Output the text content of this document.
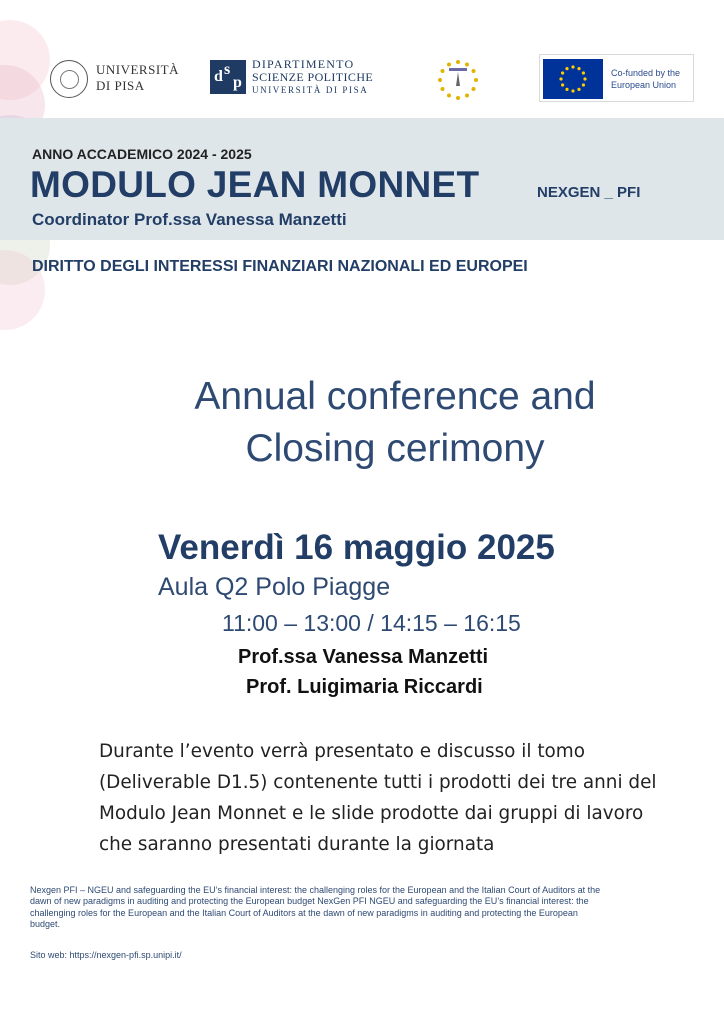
UNIVERSITÀ
DI PISA
d s
p
DIPARTIMENTO
SCIENZE POLITICHE
UNIVERSITÀ DI PISA
Co-funded by the
European Union
ANNO ACCADEMICO 2024 - 2025
MODULO JEAN MONNET	NEXGEN _ PFI
Coordinator Prof.ssa Vanessa Manzetti
DIRITTO DEGLI INTERESSI FINANZIARI NAZIONALI ED EUROPEI
Annual conference and
Closing cerimony
Venerdì 16 maggio 2025
Aula Q2 Polo Piagge
11:00 – 13:00 / 14:15 – 16:15
Prof.ssa Vanessa Manzetti
Prof. Luigimaria Riccardi
Durante l’evento verrà presentato e discusso il tomo
(Deliverable D1.5) contenente tutti i prodotti dei tre anni del
Modulo Jean Monnet e le slide prodotte dai gruppi di lavoro
che saranno presentati durante la giornata
Nexgen PFI – NGEU and safeguarding the EU’s financial interest: the challenging roles for the European and the Italian Court of Auditors at the
dawn of new paradigms in auditing and protecting the European budget NexGen PFI NGEU and safeguarding the EU’s financial interest: the
challenging roles for the European and the Italian Court of Auditors at the dawn of new paradigms in auditing and protecting the European
budget.
Sito web: https://nexgen-pfi.sp.unipi.it/
